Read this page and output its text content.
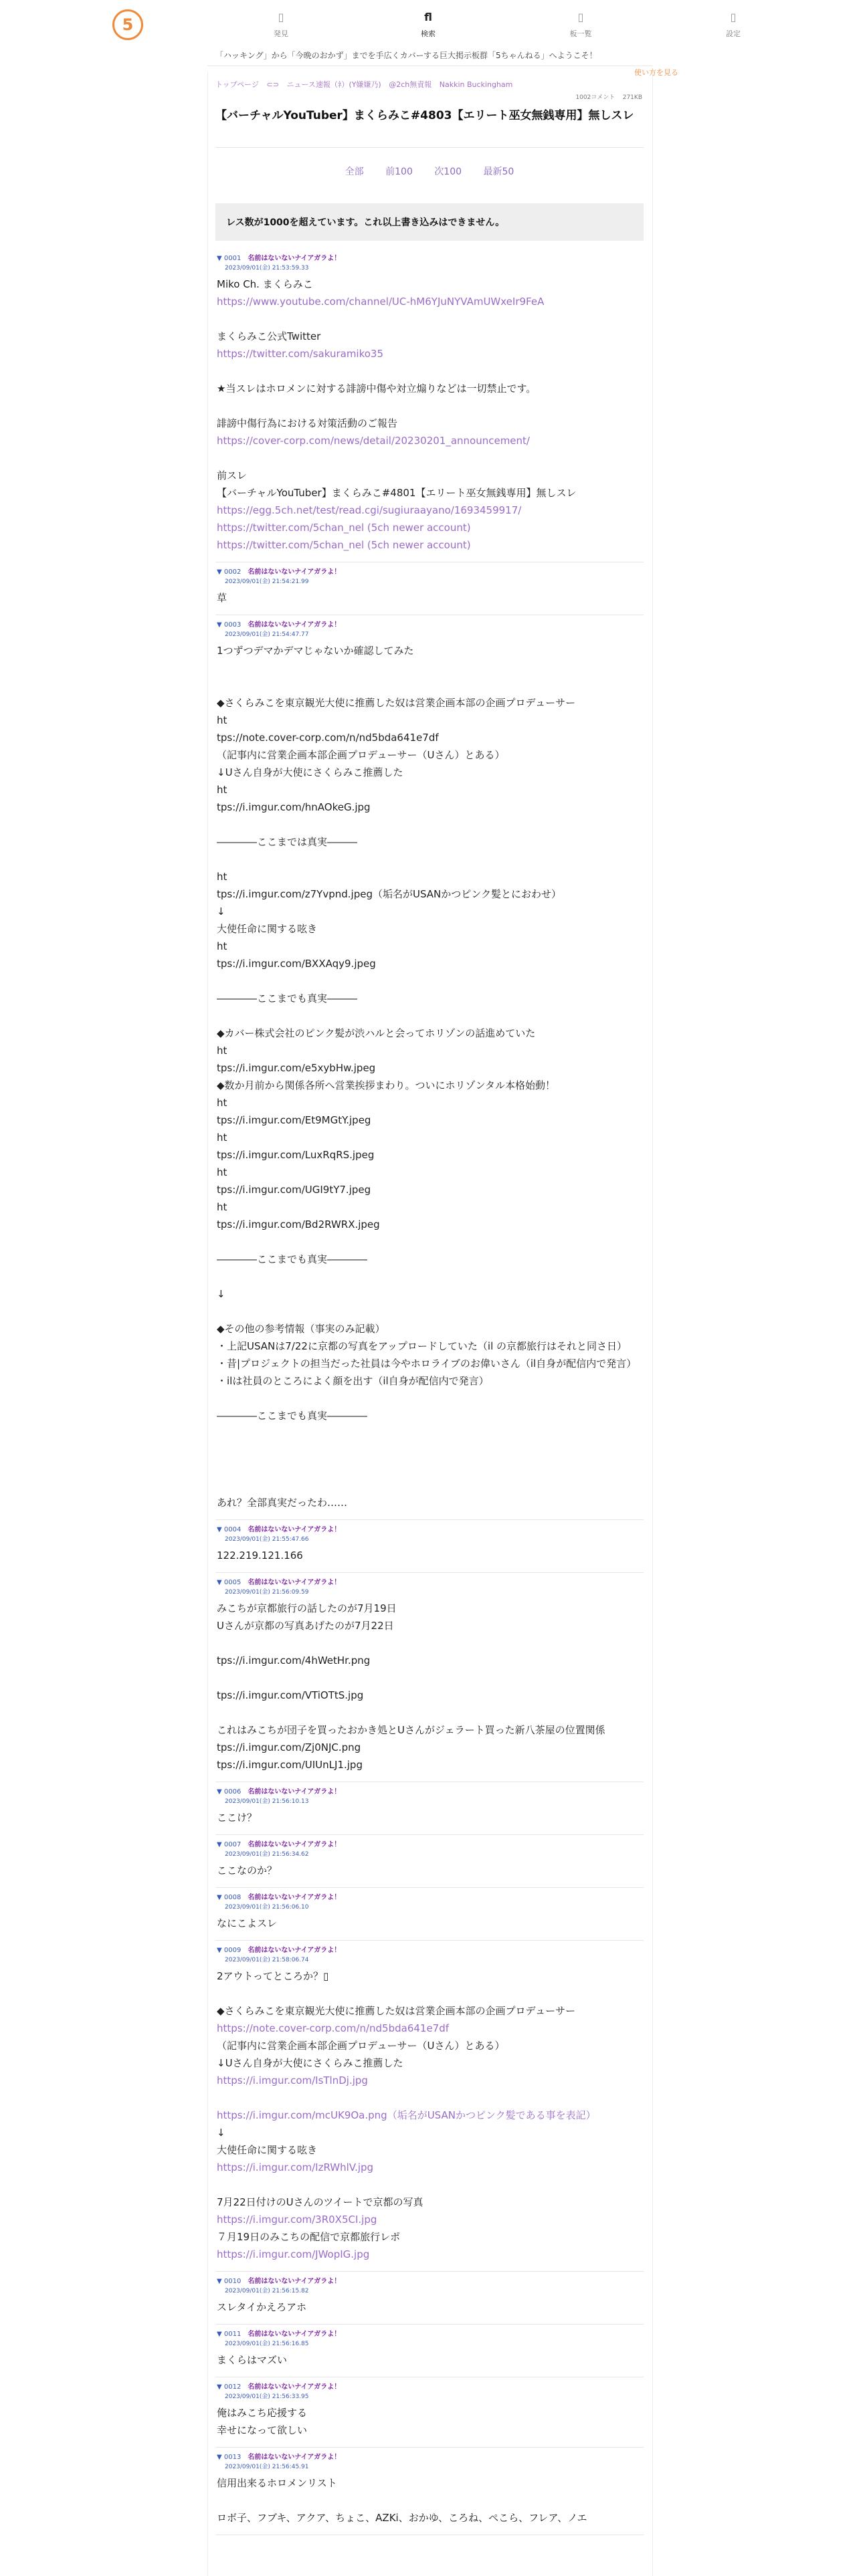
5	▯
発見
fl
検索
▯
板一覧
▯
設定
「ハッキング」から「今晩のおかず」までを手広くカバーする巨大掲示板群「5ちゃんねる」へようこそ！
使い方を見る
トップページ ⊂⊃ ニュース速報（ﾈ）(Y嫌嫌乃) @2ch無責報 Nakkin Buckingham
1002コメント 271KB
【バーチャルYouTuber】まくらみこ#4803【エリート巫女無銭専用】無しスレ
全部 前100 次100 最新50
レス数が1000を超えています。これ以上書き込みはできません。
▼ 0001 名前はないないナイアガラよ！
2023/09/01(金) 21:53:59.33
Miko Ch. まくらみこ
https://www.youtube.com/channel/UC-hM6YJuNYVAmUWxeIr9FeA

まくらみこ公式Twitter
https://twitter.com/sakuramiko35

★当スレはホロメンに対する誹謗中傷や対立煽りなどは一切禁止です。

誹謗中傷行為における対策活動のご報告
https://cover-corp.com/news/detail/20230201_announcement/

前スレ
【バーチャルYouTuber】まくらみこ#4801【エリート巫女無銭専用】無しスレ
https://egg.5ch.net/test/read.cgi/sugiuraayano/1693459917/
https://twitter.com/5chan_nel (5ch newer account)
https://twitter.com/5chan_nel (5ch newer account)
▼ 0002 名前はないないナイアガラよ！
2023/09/01(金) 21:54:21.99
草
▼ 0003 名前はないないナイアガラよ！
2023/09/01(金) 21:54:47.77
1つずつデマかデマじゃないか確認してみた

◆さくらみこを東京観光大使に推薦した奴は営業企画本部の企画プロデューサー
ht
tps://note.cover-corp.com/n/nd5bda641e7df
（記事内に営業企画本部企画プロデューサー（Uさん）とある）
↓Uさん自身が大使にさくらみこ推薦した
ht
tps://i.imgur.com/hnAOkeG.jpg

――――ここまでは真実―――

ht
tps://i.imgur.com/z7Yvpnd.jpeg（垢名がUSANかつピンク髪とにおわせ）
↓
大使任命に関する呟き
ht
tps://i.imgur.com/BXXAqy9.jpeg

――――ここまでも真実―――

◆カバー株式会社のピンク髪が渋ハルと会ってホリゾンの話進めていた
ht
tps://i.imgur.com/e5xybHw.jpeg
◆数か月前から関係各所へ営業挨拶まわり。ついにホリゾンタル本格始動！
ht
tps://i.imgur.com/Et9MGtY.jpeg
ht
tps://i.imgur.com/LuxRqRS.jpeg
ht
tps://i.imgur.com/UGI9tY7.jpeg
ht
tps://i.imgur.com/Bd2RWRX.jpeg

――――ここまでも真実――――

↓

◆その他の参考情報（事実のみ記載）
・上記USANは7/22に京都の写真をアップロードしていた（il の京都旅行はそれと同さ日）
・昔|プロジェクトの担当だった社員は今やホロライブのお偉いさん（il自身が配信内で発言）
・ilは社員のところによく顔を出す（il自身が配信内で発言）

――――ここまでも真実――――

あれ？全部真実だったわ……
▼ 0004 名前はないないナイアガラよ！
2023/09/01(金) 21:55:47.66
122.219.121.166
▼ 0005 名前はないないナイアガラよ！
2023/09/01(金) 21:56:09.59
みこちが京都旅行の話したのが7月19日
Uさんが京都の写真あげたのが7月22日

tps://i.imgur.com/4hWetHr.png

tps://i.imgur.com/VTiOTtS.jpg

これはみこちが団子を買ったおかき処とUさんがジェラート買った新八茶屋の位置関係
tps://i.imgur.com/Zj0NJC.png
tps://i.imgur.com/UIUnLJ1.jpg
▼ 0006 名前はないないナイアガラよ！
2023/09/01(金) 21:56:10.13
ここけ？
▼ 0007 名前はないないナイアガラよ！
2023/09/01(金) 21:56:34.62
ここなのか？
▼ 0008 名前はないないナイアガラよ！
2023/09/01(金) 21:56:06.10
なにこよスレ
▼ 0009 名前はないないナイアガラよ！
2023/09/01(金) 21:58:06.74
2アウトってところか？▯

◆さくらみこを東京観光大使に推薦した奴は営業企画本部の企画プロデューサー
https://note.cover-corp.com/n/nd5bda641e7df
（記事内に営業企画本部企画プロデューサー（Uさん）とある）
↓Uさん自身が大使にさくらみこ推薦した
https://i.imgur.com/IsTlnDj.jpg

https://i.imgur.com/mcUK9Oa.png（垢名がUSANかつピンク髪である事を表記）
↓
大使任命に関する呟き
https://i.imgur.com/IzRWhlV.jpg

7月22日付けのUさんのツイートで京都の写真
https://i.imgur.com/3R0X5CI.jpg
７月19日のみこちの配信で京都旅行レポ
https://i.imgur.com/JWopIG.jpg
▼ 0010 名前はないないナイアガラよ！
2023/09/01(金) 21:56:15.82
スレタイかえろアホ
▼ 0011 名前はないないナイアガラよ！
2023/09/01(金) 21:56:16.85
まくらはマズい
▼ 0012 名前はないないナイアガラよ！
2023/09/01(金) 21:56:33.95
俺はみこち応援する
幸せになって欲しい
▼ 0013 名前はないないナイアガラよ！
2023/09/01(金) 21:56:45.91
信用出来るホロメンリスト

ロボ子、フブキ、アクア、ちょこ、AZKi、おかゆ、ころね、ぺこら、フレア、ノエ
